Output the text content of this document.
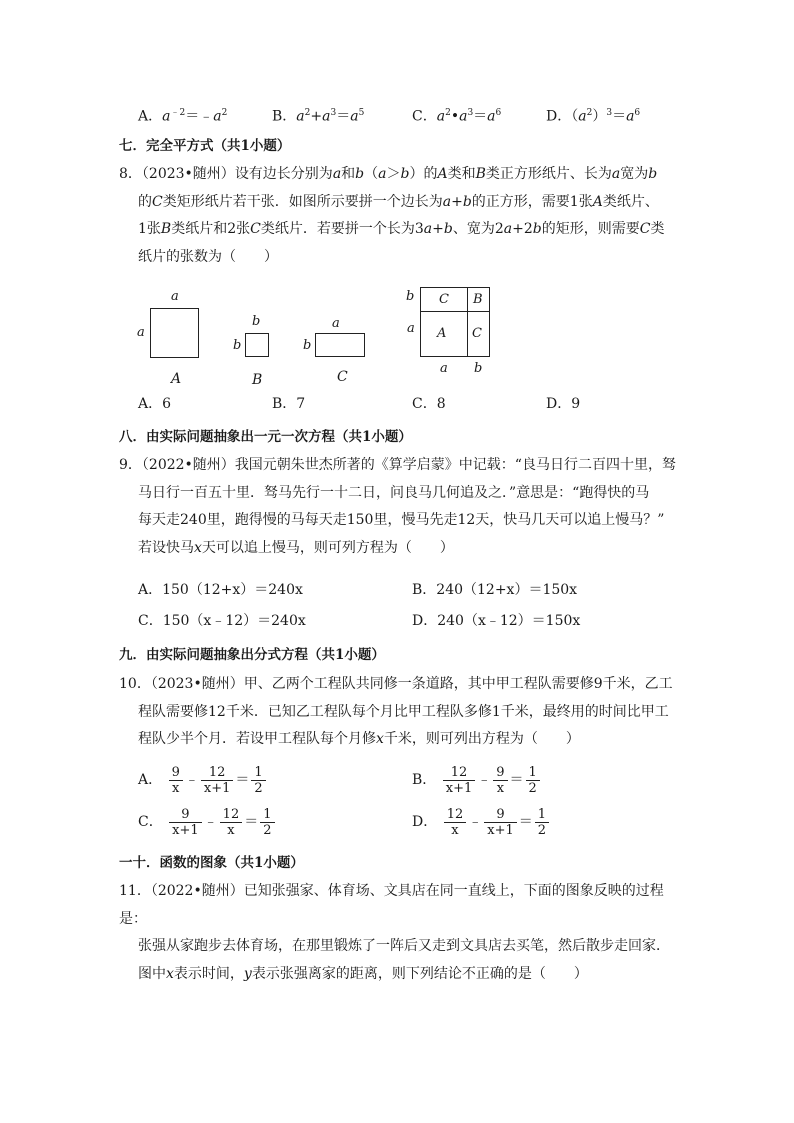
A．$a^{﹣2}=﹣a^2$	B．$a^2+a^3=a^5$	C．$a^2•a^3=a^6$	D．$(a^2)^3=a^6$
七．完全平方式（共1小题）
8．（2023•随州）设有边长分别为a和b（a＞b）的A类和B类正方形纸片、长为a宽为b
的C类矩形纸片若干张．如图所示要拼一个边长为a+b的正方形，需要1张A类纸片、
1张B类纸片和2张C类纸片．若要拼一个长为3a+b、宽为2a+2b的矩形，则需要C类
纸片的张数为（　　）
a
a
A
b
b
B
a
b
C
C B
A C
b
a
a b
A．6	B．7	C．8	D．9
八．由实际问题抽象出一元一次方程（共1小题）
9．（2022•随州）我国元朝朱世杰所著的《算学启蒙》中记载：“良马日行二百四十里，驽
马日行一百五十里．驽马先行一十二日，问良马几何追及之．”意思是：“跑得快的马
每天走240里，跑得慢的马每天走150里，慢马先走12天，快马几天可以追上慢马？”
若设快马x天可以追上慢马，则可列方程为（　　）
A．150（12+x）＝240x	B．240（12+x）＝150x
C．150（x﹣12）＝240x	D．240（x﹣12）＝150x
九．由实际问题抽象出分式方程（共1小题）
10．（2023•随州）甲、乙两个工程队共同修一条道路，其中甲工程队需要修9千米，乙工
程队需要修12千米．已知乙工程队每个月比甲工程队多修1千米，最终用的时间比甲工
程队少半个月．若设甲工程队每个月修x千米，则可列出方程为（　　）
A． $\frac{9}{x}$ ﹣ $\frac{12}{x+1} = \frac{1}{2}$	B． $\frac{12}{x+1}$ ﹣ $\frac{9}{x} = \frac{1}{2}$
C． $\frac{9}{x+1}$ ﹣ $\frac{12}{x} = \frac{1}{2}$	D． $\frac{12}{x}$ ﹣ $\frac{9}{x+1} = \frac{1}{2}$
一十．函数的图象（共1小题）
11．（2022•随州）已知张强家、体育场、文具店在同一直线上，下面的图象反映的过程是：
张强从家跑步去体育场，在那里锻炼了一阵后又走到文具店去买笔，然后散步走回家．
图中x表示时间，y表示张强离家的距离，则下列结论不正确的是（　　）
